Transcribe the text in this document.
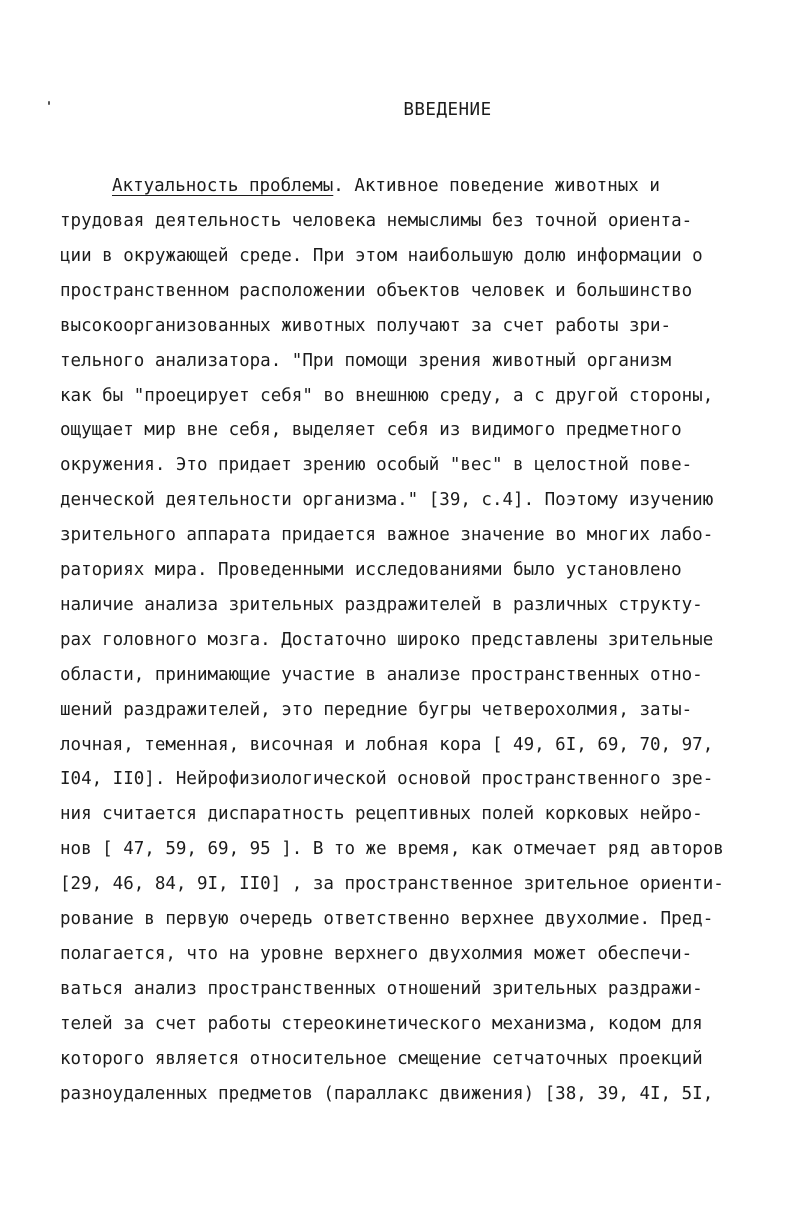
ВВЕДЕНИЕ
Актуальность проблемы. Активное поведение животных и
трудовая деятельность человека немыслимы без точной ориента-
ции в окружающей среде. При этом наибольшую долю информации о
пространственном расположении объектов человек и большинство
высокоорганизованных животных получают за счет работы зри-
тельного анализатора. "При помощи зрения животный организм
как бы "проецирует себя" во внешнюю среду, а с другой стороны,
ощущает мир вне себя, выделяет себя из видимого предметного
окружения. Это придает зрению особый "вес" в целостной пове-
денческой деятельности организма." [39, с.4]. Поэтому изучению
зрительного аппарата придается важное значение во многих лабо-
раториях мира. Проведенными исследованиями было установлено
наличие анализа зрительных раздражителей в различных структу-
рах головного мозга. Достаточно широко представлены зрительные
области, принимающие участие в анализе пространственных отно-
шений раздражителей, это передние бугры четверохолмия, заты-
лочная, теменная, височная и лобная кора [ 49, 6I, 69, 70, 97,
I04, II0]. Нейрофизиологической основой пространственного зре-
ния считается диспаратность рецептивных полей корковых нейро-
нов [ 47, 59, 69, 95 ]. В то же время, как отмечает ряд авторов
[29, 46, 84, 9I, II0] , за пространственное зрительное ориенти-
рование в первую очередь ответственно верхнее двухолмие. Пред-
полагается, что на уровне верхнего двухолмия может обеспечи-
ваться анализ пространственных отношений зрительных раздражи-
телей за счет работы стереокинетического механизма, кодом для
которого является относительное смещение сетчаточных проекций
разноудаленных предметов (параллакс движения) [38, 39, 4I, 5I,
